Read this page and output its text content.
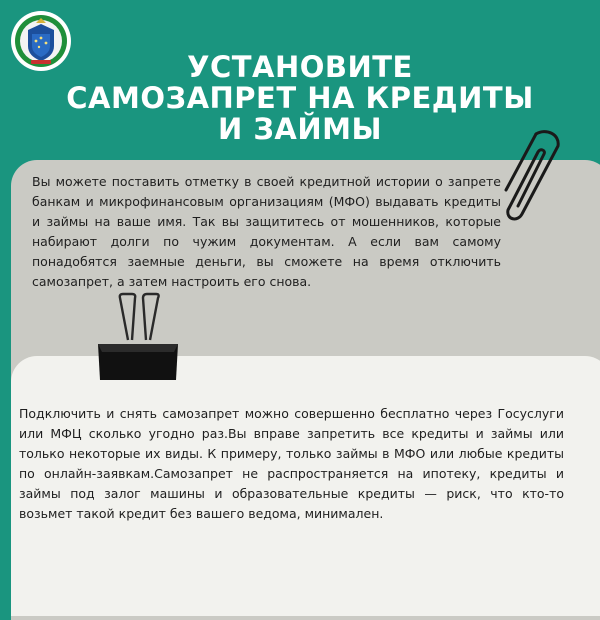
УСТАНОВИТЕ
САМОЗАПРЕТ НА КРЕДИТЫ
И ЗАЙМЫ

Вы можете поставить отметку в своей кредитной истории о запрете банкам и микрофинансовым организациям (МФО) выдавать кредиты и займы на ваше имя. Так вы защититесь от мошенников, которые набирают долги по чужим документам. А если вам самому понадобятся заемные деньги, вы сможете на время отключить самозапрет, а затем настроить его снова.

Подключить и снять самозапрет можно совершенно бесплатно через Госуслуги или МФЦ сколько угодно раз.Вы вправе запретить все кредиты и займы или только некоторые их виды. К примеру, только займы в МФО или любые кредиты по онлайн-заявкам.Самозапрет не распространяется на ипотеку, кредиты и займы под залог машины и образовательные кредиты — риск, что кто-то возьмет такой кредит без вашего ведома, минимален.
